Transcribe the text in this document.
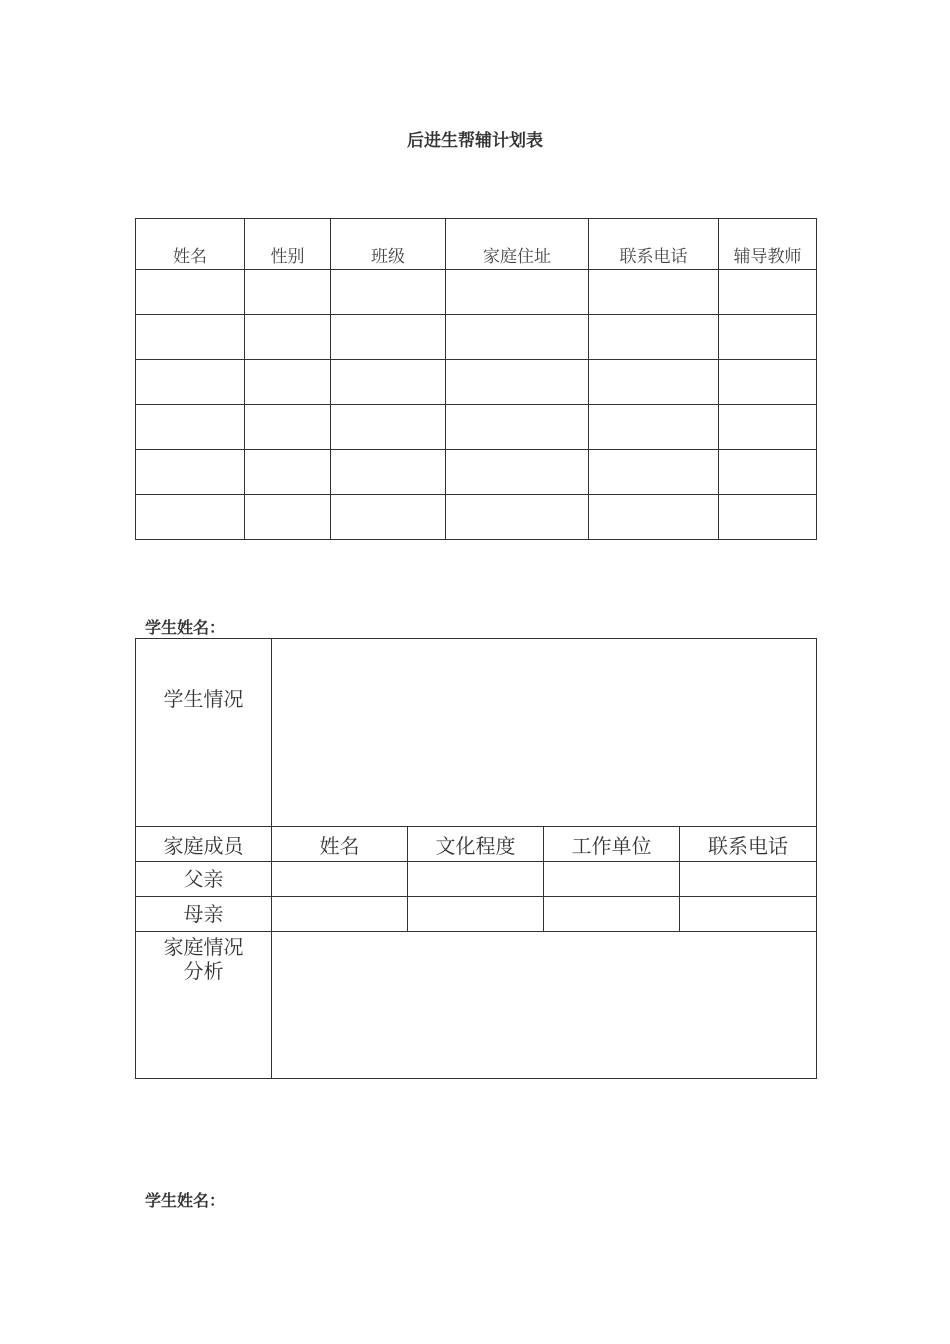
后进生帮辅计划表
姓名	性别	班级	家庭住址	联系电话	辅导教师

学生姓名：
学生情况				
家庭成员	姓名	文化程度	工作单位	联系电话
父亲				
母亲				

家庭情况
分析				

学生姓名：
